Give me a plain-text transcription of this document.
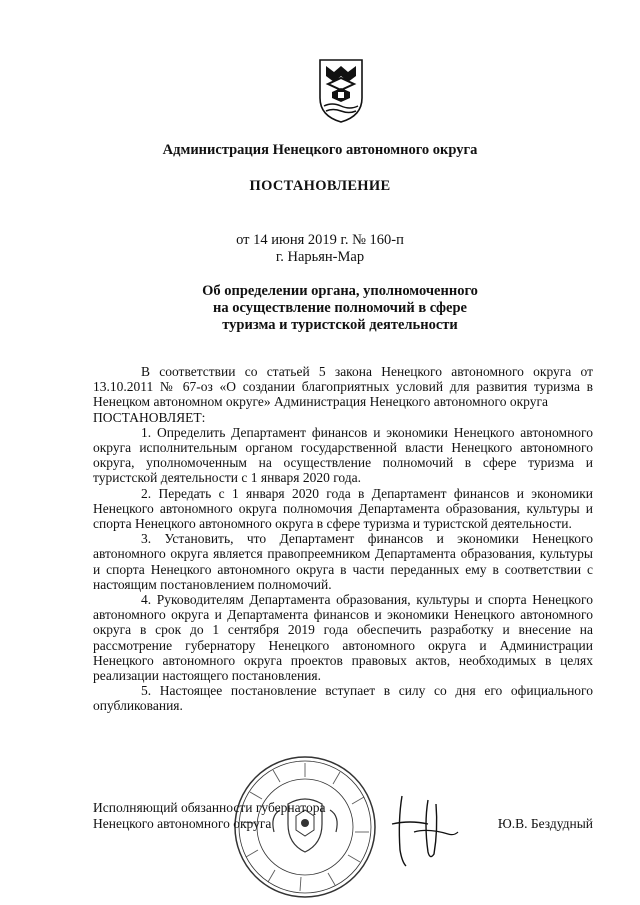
Администрация Ненецкого автономного округа
ПОСТАНОВЛЕНИЕ
от 14 июня 2019 г. № 160-п
г. Нарьян-Мар
Об определении органа, уполномоченного
на осуществление полномочий в сфере
туризма и туристской деятельности

В соответствии со статьей 5 закона Ненецкого автономного округа от 13.10.2011 № 67-оз «О создании благоприятных условий для развития туризма в Ненецком автономном округе» Администрация Ненецкого автономного округа

ПОСТАНОВЛЯЕТ:

1. Определить Департамент финансов и экономики Ненецкого автономного округа исполнительным органом государственной власти Ненецкого автономного округа, уполномоченным на осуществление полномочий в сфере туризма и туристской деятельности с 1 января 2020 года.

2. Передать с 1 января 2020 года в Департамент финансов и экономики Ненецкого автономного округа полномочия Департамента образования, культуры и спорта Ненецкого автономного округа в сфере туризма и туристской деятельности.

3. Установить, что Департамент финансов и экономики Ненецкого автономного округа является правопреемником Департамента образования, культуры и спорта Ненецкого автономного округа в части переданных ему в соответствии с настоящим постановлением полномочий.

4. Руководителям Департамента образования, культуры и спорта Ненецкого автономного округа и Департамента финансов и экономики Ненецкого автономного округа в срок до 1 сентября 2019 года обеспечить разработку и внесение на рассмотрение губернатору Ненецкого автономного округа и Администрации Ненецкого автономного округа проектов правовых актов, необходимых в целях реализации настоящего постановления.

5. Настоящее постановление вступает в силу со дня его официального опубликования.

Исполняющий обязанности губернатора
Ненецкого автономного округа	Ю.В. Бездудный
